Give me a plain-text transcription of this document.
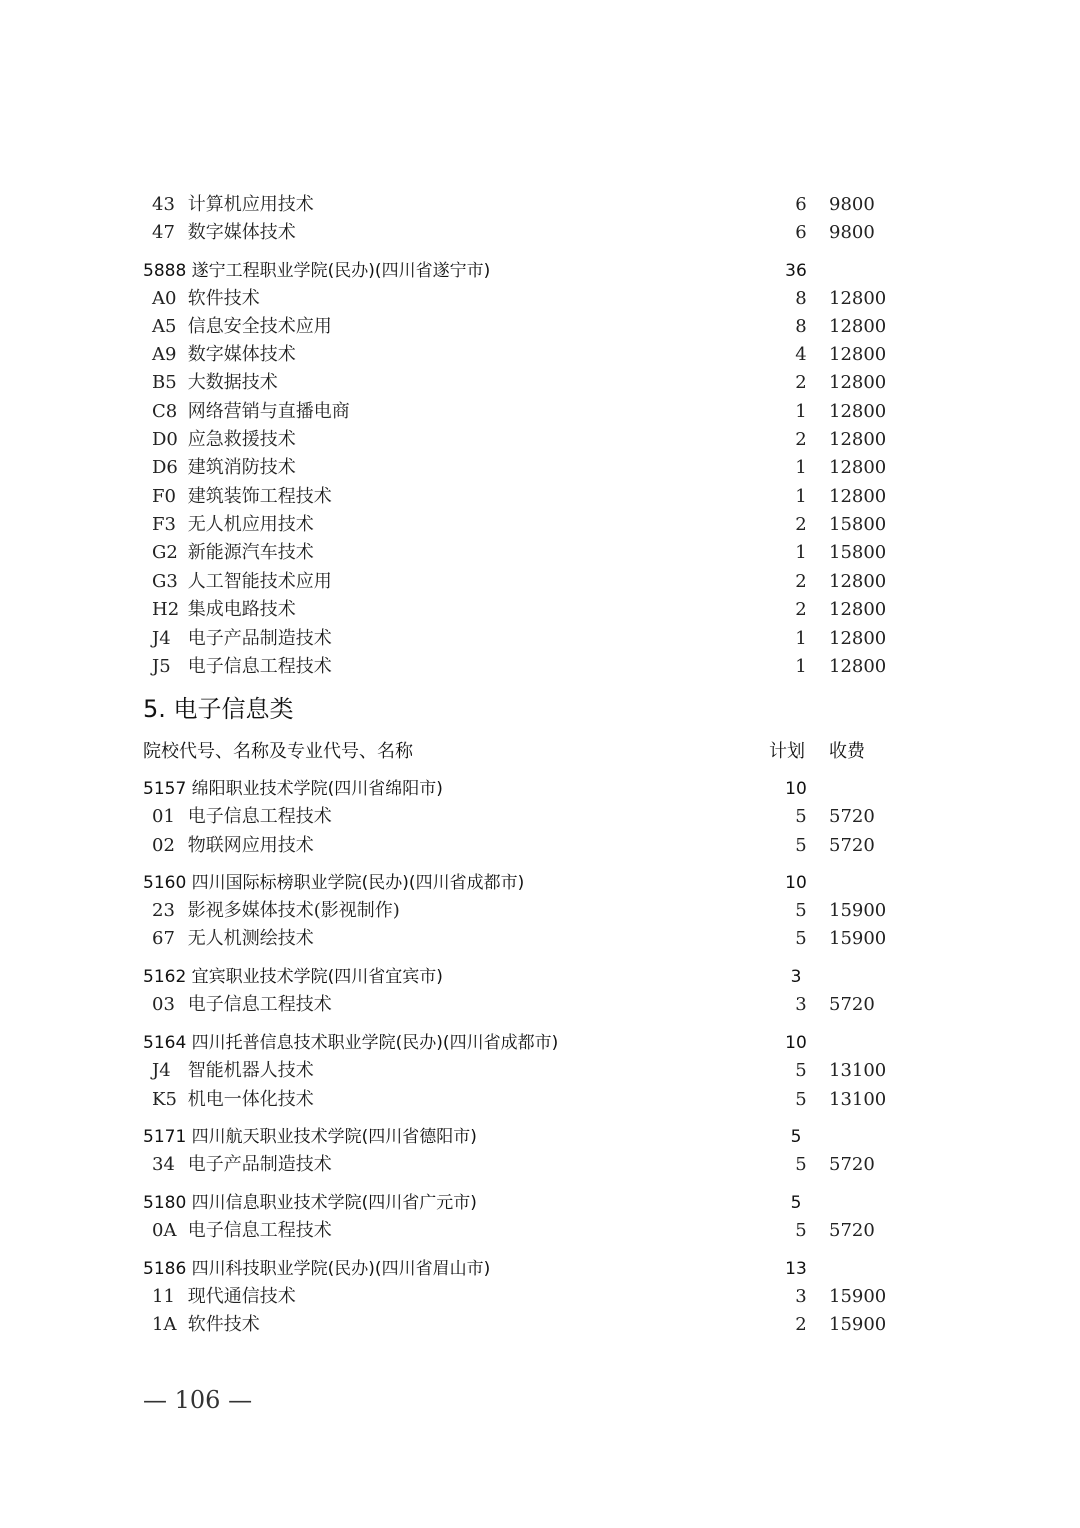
43 计算机应用技术	6	9800
47 数字媒体技术	6	9800
5888 遂宁工程职业学院(民办)(四川省遂宁市)	36
A0 软件技术	8	12800
A5 信息安全技术应用	8	12800
A9 数字媒体技术	4	12800
B5 大数据技术	2	12800
C8 网络营销与直播电商	1	12800
D0 应急救援技术	2	12800
D6 建筑消防技术	1	12800
F0 建筑装饰工程技术	1	12800
F3 无人机应用技术	2	15800
G2 新能源汽车技术	1	15800
G3 人工智能技术应用	2	12800
H2 集成电路技术	2	12800
J4 电子产品制造技术	1	12800
J5 电子信息工程技术	1	12800
5. 电子信息类
院校代号、名称及专业代号、名称	计划	收费
5157 绵阳职业技术学院(四川省绵阳市)	10
01 电子信息工程技术	5	5720
02 物联网应用技术	5	5720
5160 四川国际标榜职业学院(民办)(四川省成都市)	10
23 影视多媒体技术(影视制作)	5	15900
67 无人机测绘技术	5	15900
5162 宜宾职业技术学院(四川省宜宾市)	3
03 电子信息工程技术	3	5720
5164 四川托普信息技术职业学院(民办)(四川省成都市)	10
J4 智能机器人技术	5	13100
K5 机电一体化技术	5	13100
5171 四川航天职业技术学院(四川省德阳市)	5
34 电子产品制造技术	5	5720
5180 四川信息职业技术学院(四川省广元市)	5
0A 电子信息工程技术	5	5720
5186 四川科技职业学院(民办)(四川省眉山市)	13
11 现代通信技术	3	15900
1A 软件技术	2	15900
— 106 —
